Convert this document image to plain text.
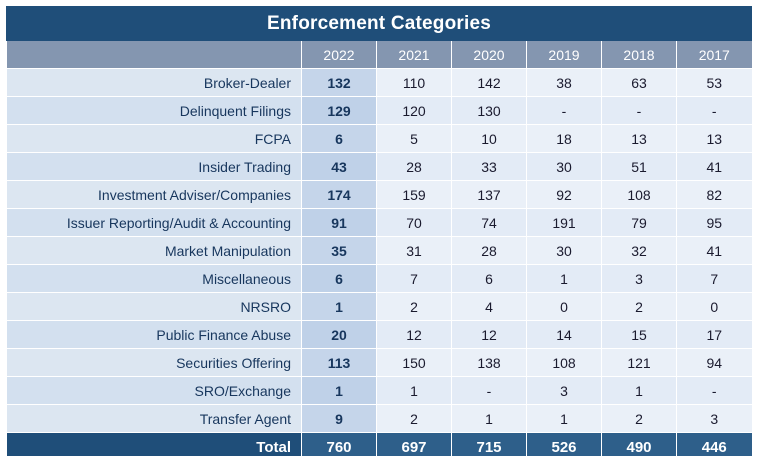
Enforcement Categories						
	2022	2021	2020	2019	2018	2017
Broker-Dealer	132	110	142	38	63	53
Delinquent Filings	129	120	130	-	-	-
FCPA	6	5	10	18	13	13
Insider Trading	43	28	33	30	51	41
Investment Adviser/Companies	174	159	137	92	108	82
Issuer Reporting/Audit & Accounting	91	70	74	191	79	95
Market Manipulation	35	31	28	30	32	41
Miscellaneous	6	7	6	1	3	7
NRSRO	1	2	4	0	2	0
Public Finance Abuse	20	12	12	14	15	17
Securities Offering	113	150	138	108	121	94
SRO/Exchange	1	1	-	3	1	-
Transfer Agent	9	2	1	1	2	3
Total	760	697	715	526	490	446
